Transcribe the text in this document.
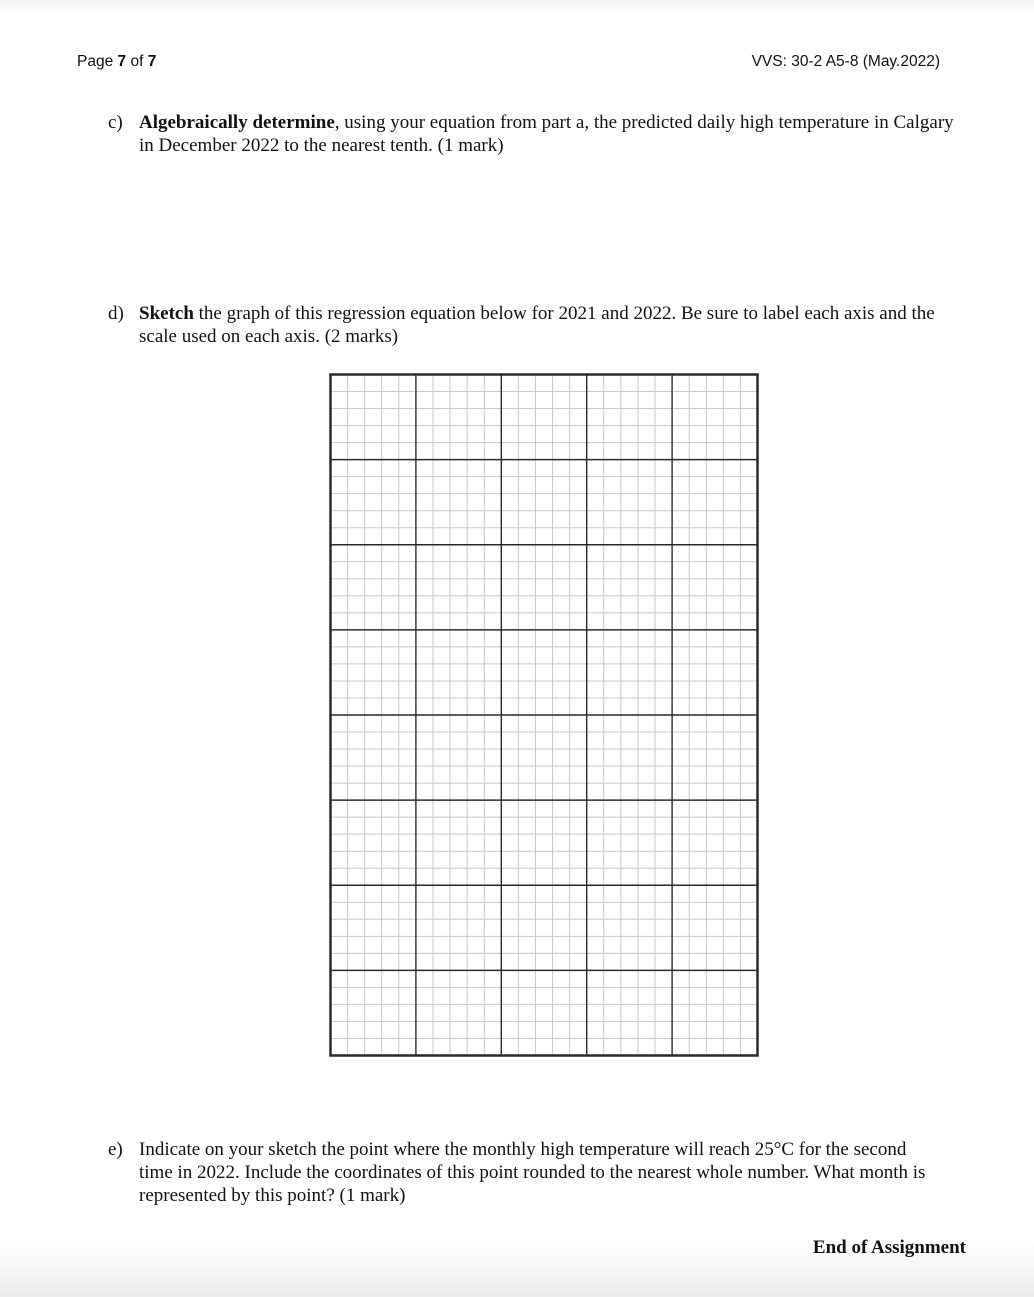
Page 7 of 7	VVS: 30-2 A5-8 (May.2022)
c) Algebraically determine, using your equation from part a, the predicted daily high temperature in Calgary in December 2022 to the nearest tenth. (1 mark)
d) Sketch the graph of this regression equation below for 2021 and 2022. Be sure to label each axis and the scale used on each axis. (2 marks)
e) Indicate on your sketch the point where the monthly high temperature will reach 25°C for the second time in 2022. Include the coordinates of this point rounded to the nearest whole number. What month is represented by this point? (1 mark)
End of Assignment
